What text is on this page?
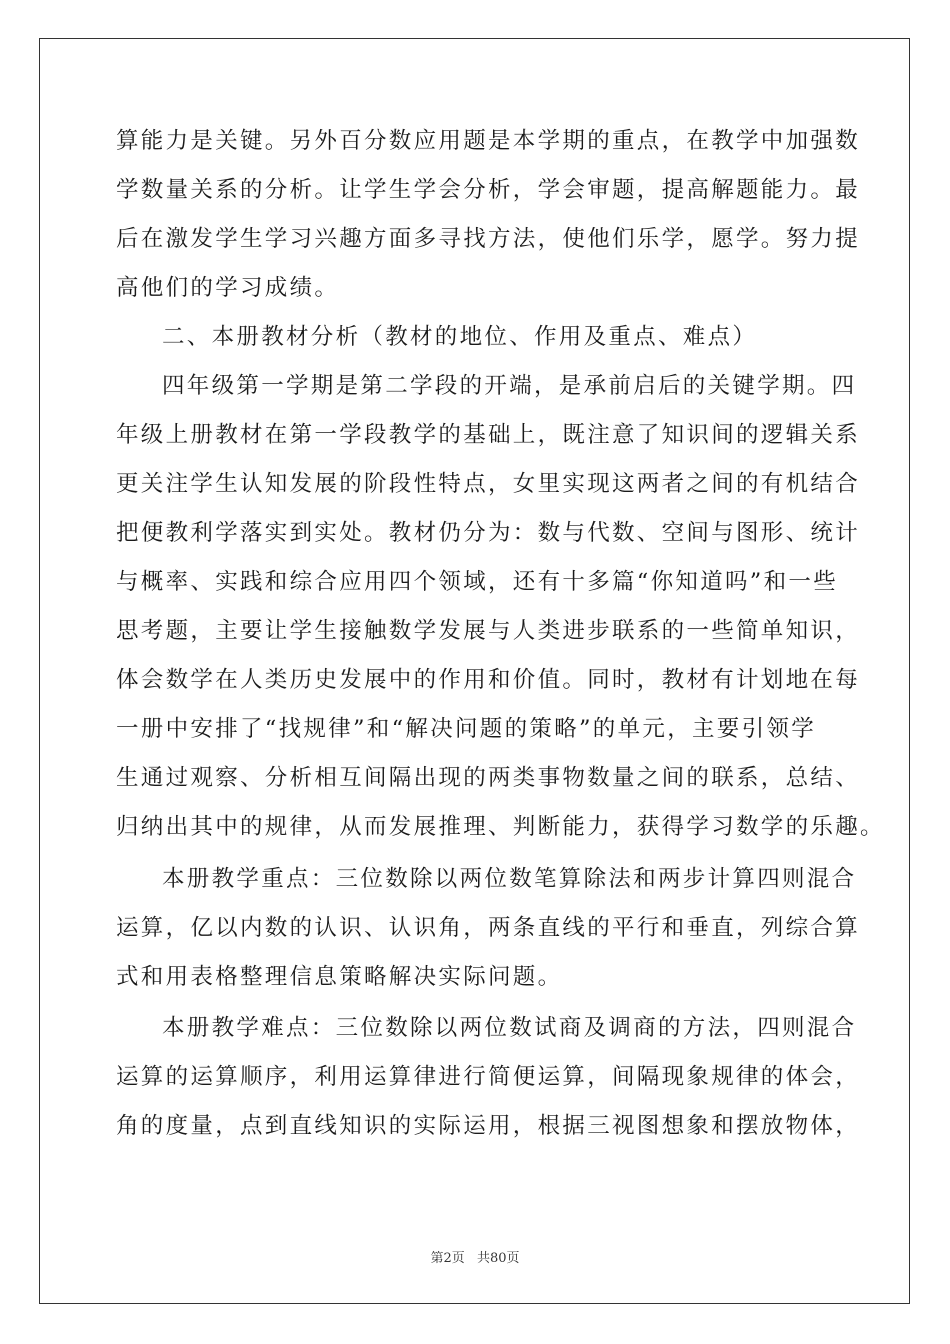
算能力是关键。另外百分数应用题是本学期的重点，在教学中加强数
学数量关系的分析。让学生学会分析，学会审题，提高解题能力。最
后在激发学生学习兴趣方面多寻找方法，使他们乐学，愿学。努力提
高他们的学习成绩。
二、本册教材分析（教材的地位、作用及重点、难点）
四年级第一学期是第二学段的开端，是承前启后的关键学期。四
年级上册教材在第一学段教学的基础上，既注意了知识间的逻辑关系
更关注学生认知发展的阶段性特点，女里实现这两者之间的有机结合
把便教利学落实到实处。教材仍分为：数与代数、空间与图形、统计
与概率、实践和综合应用四个领域，还有十多篇“你知道吗”和一些
思考题，主要让学生接触数学发展与人类进步联系的一些简单知识，
体会数学在人类历史发展中的作用和价值。同时，教材有计划地在每
一册中安排了“找规律”和“解决问题的策略”的单元，主要引领学
生通过观察、分析相互间隔出现的两类事物数量之间的联系，总结、
归纳出其中的规律，从而发展推理、判断能力，获得学习数学的乐趣。
本册教学重点：三位数除以两位数笔算除法和两步计算四则混合
运算，亿以内数的认识、认识角，两条直线的平行和垂直，列综合算
式和用表格整理信息策略解决实际问题。
本册教学难点：三位数除以两位数试商及调商的方法，四则混合
运算的运算顺序，利用运算律进行简便运算，间隔现象规律的体会，
角的度量，点到直线知识的实际运用，根据三视图想象和摆放物体，
第2页 共80页
